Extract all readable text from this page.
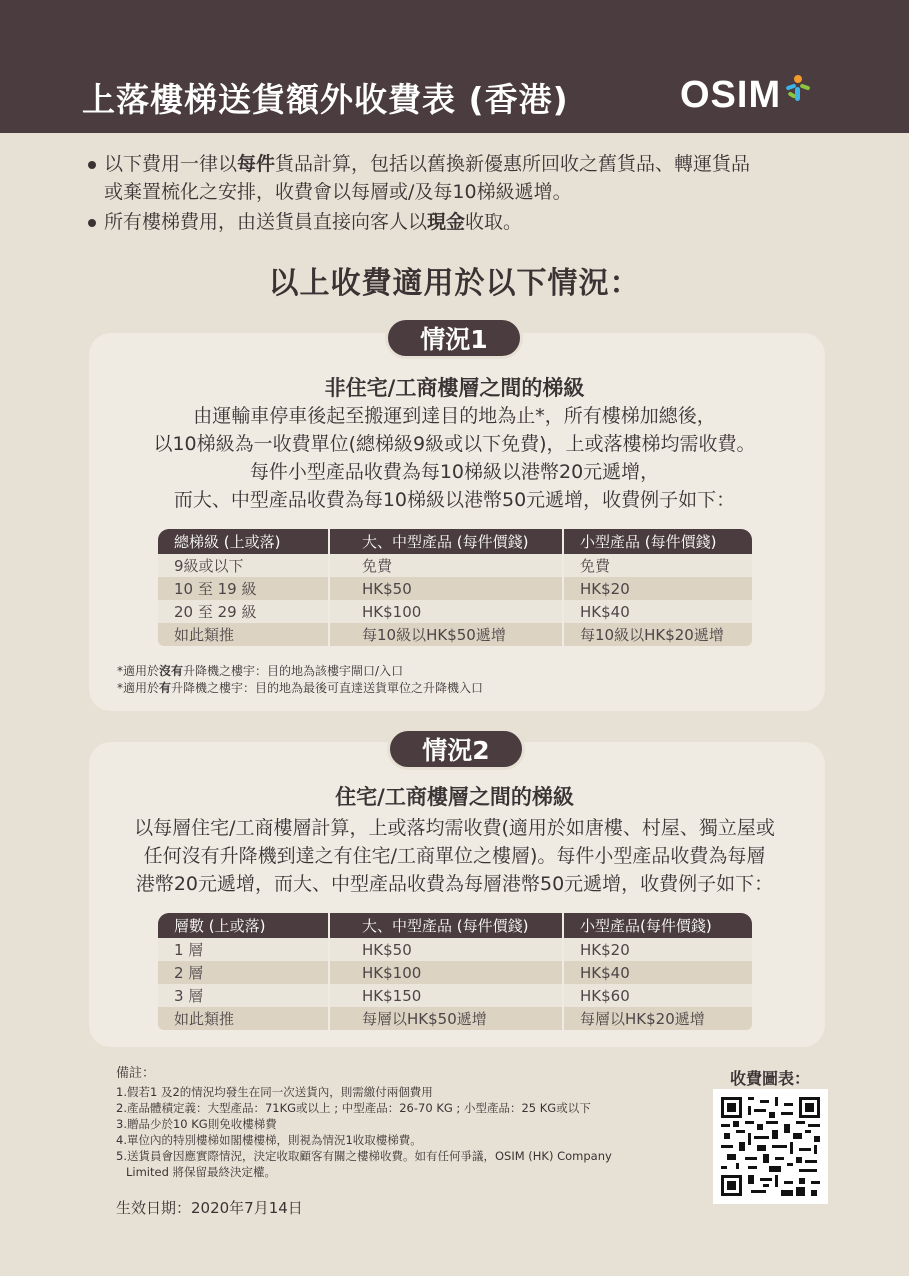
上落樓梯送貨額外收費表 (香港)	OSIM
以下費用一律以每件貨品計算，包括以舊換新優惠所回收之舊貨品、轉運貨品
或棄置梳化之安排，收費會以每層或/及每10梯級遞增。
所有樓梯費用，由送貨員直接向客人以現金收取。
以上收費適用於以下情況：
情況1
非住宅/工商樓層之間的梯級
由運輸車停車後起至搬運到達目的地為止*，所有樓梯加總後，
以10梯級為一收費單位(總梯級9級或以下免費)，上或落樓梯均需收費。
每件小型產品收費為每10梯級以港幣20元遞增，
而大、中型產品收費為每10梯級以港幣50元遞增，收費例子如下：
總梯級 (上或落)	大、中型產品 (每件價錢)	小型產品 (每件價錢)
9級或以下	免費	免費
10 至 19 級	HK$50	HK$20
20 至 29 級	HK$100	HK$40
如此類推	每10級以HK$50遞增	每10級以HK$20遞增
*適用於沒有升降機之樓宇：目的地為該樓宇閘口/入口
*適用於有升降機之樓宇：目的地為最後可直達送貨單位之升降機入口
情況2
住宅/工商樓層之間的梯級
以每層住宅/工商樓層計算，上或落均需收費(適用於如唐樓、村屋、獨立屋或
任何沒有升降機到達之有住宅/工商單位之樓層)。每件小型產品收費為每層
港幣20元遞增，而大、中型產品收費為每層港幣50元遞增，收費例子如下：
層數 (上或落)	大、中型產品 (每件價錢)	小型產品(每件價錢)
1 層	HK$50	HK$20
2 層	HK$100	HK$40
3 層	HK$150	HK$60
如此類推	每層以HK$50遞增	每層以HK$20遞增
備註：
1.假若1 及2的情況均發生在同一次送貨內，則需繳付兩個費用
2.產品體積定義：大型產品：71KG或以上 ; 中型產品：26-70 KG ; 小型產品：25 KG或以下
3.贈品少於10 KG則免收樓梯費
4.單位內的特別樓梯如閣樓樓梯，則視為情況1收取樓梯費。
5.送貨員會因應實際情況，決定收取顧客有關之樓梯收費。如有任何爭議，OSIM (HK) Company
Limited 將保留最終決定權。
生效日期：2020年7月14日
收費圖表：
